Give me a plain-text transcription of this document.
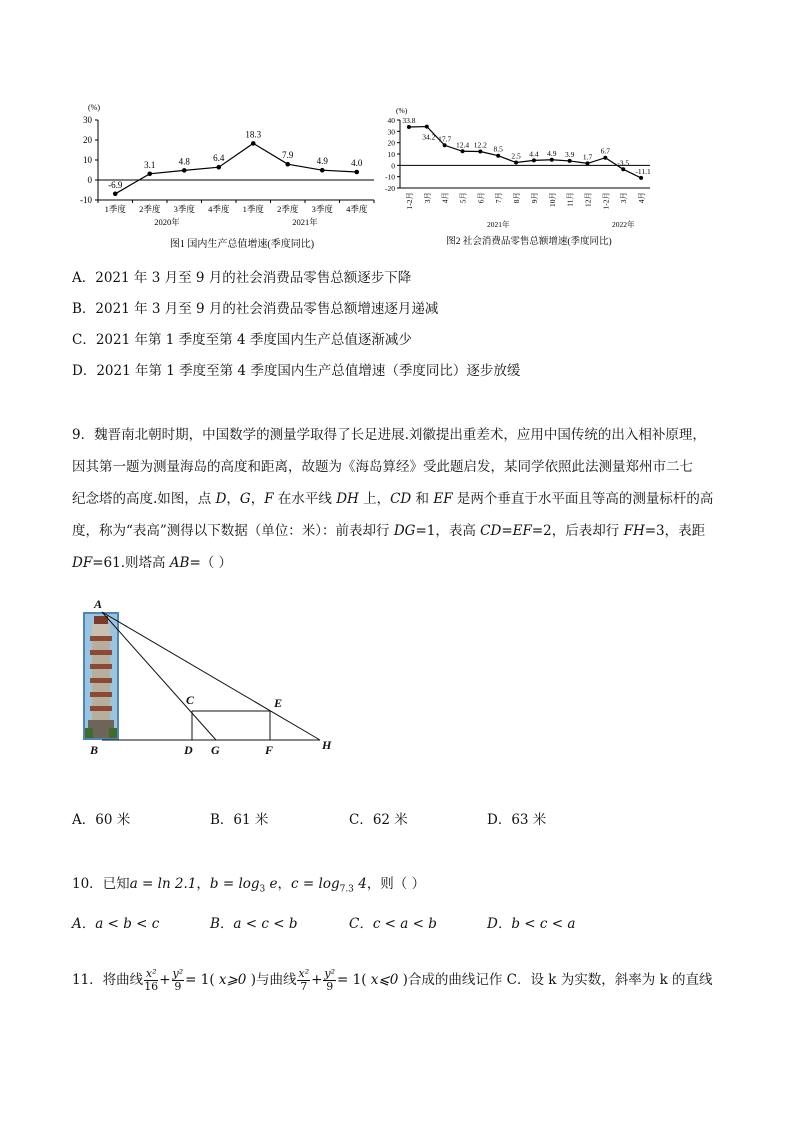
(%)
-10
0
10
20
30
1季度 2季度 3季度 4季度 1季度 2季度 3季度 4季度
2020年	2021年
-6.9
3.1	4.8	6.4
18.3
7.9
4.9	4.0
图1 国内生产总值增速(季度同比)
(%)
-20
-10
0
10
20
30
40
1-2月 3月 4月 5月 6月 7月 8月 9月 10月 11月 12月 1-2月 3月 4月
2021年	2022年
33.8
34.2 17.7
12.4 12.2 8.5
2.5 4.4 4.9 3.9 1.7
6.7
-3.5
-11.1
图2 社会消费品零售总额增速(季度同比)
A．2021 年 3 月至 9 月的社会消费品零售总额逐步下降
B．2021 年 3 月至 9 月的社会消费品零售总额增速逐月递减
C．2021 年第 1 季度至第 4 季度国内生产总值逐渐减少
D．2021 年第 1 季度至第 4 季度国内生产总值增速（季度同比）逐步放缓
9．魏晋南北朝时期，中国数学的测量学取得了长足进展.刘徽提出重差术，应用中国传统的出入相补原理，
因其第一题为测量海岛的高度和距离，故题为《海岛算经》受此题启发，某同学依照此法测量郑州市二七
纪念塔的高度.如图，点 D，G，F 在水平线 DH 上，CD 和 EF 是两个垂直于水平面且等高的测量标杆的高
度，称为“表高”测得以下数据（单位：米）：前表却行 DG=1，表高 CD=EF=2，后表却行 FH=3，表距
DF=61.则塔高 AB=（ ）
A
B
C
D G
E
F	H
A．60 米	B．61 米	C．62 米	D．63 米
10．已知a = ln 2.1，$b = \log_3 e$，$c = \log_{7.3} 4$，则（ ）
A．a < b < c	B．a < c < b	C．c < a < b	D．b < c < a
11．将曲线 $\frac{\text{x²}}{16} + \frac{\text{y²}}{9} = 1$( x⩾0 )与曲线 $\frac{\text{x²}}{7} + \frac{\text{y²}}{9} = 1$( x⩽0 )合成的曲线记作 C．设 k 为实数，斜率为 k 的直线
